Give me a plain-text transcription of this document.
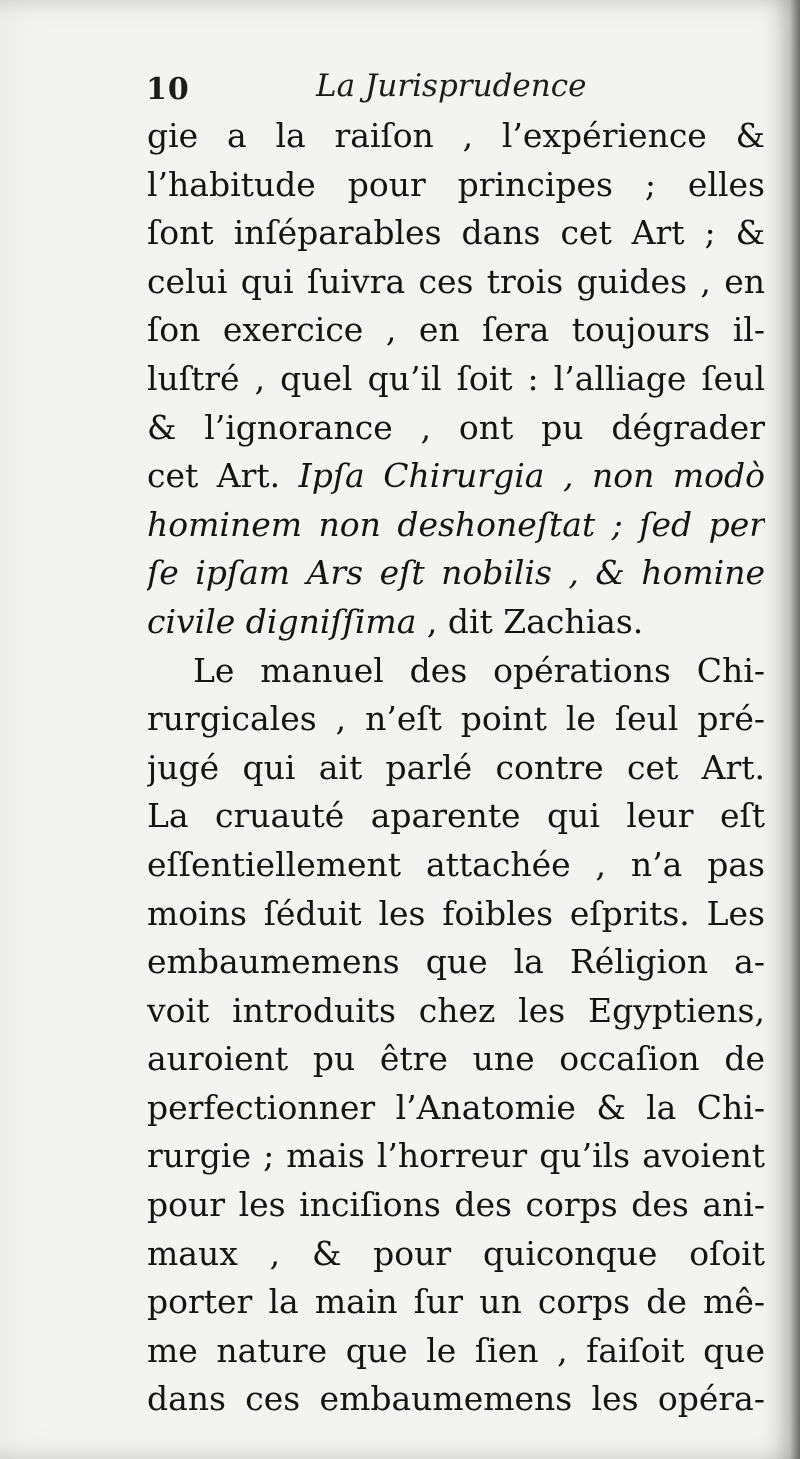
10	La Jurisprudence
gie a la raiſon , l’expérience &
l’habitude pour principes ; elles
ſont inſéparables dans cet Art ; &
celui qui ſuivra ces trois guides , en
ſon exercice , en ſera toujours il-
luſtré , quel qu’il ſoit : l’alliage ſeul
& l’ignorance , ont pu dégrader
cet Art. Ipſa Chirurgia , non modò
hominem non deshoneſtat ; ſed per
ſe ipſam Ars eſt nobilis , & homine
civile digniſſima , dit Zachias.
Le manuel des opérations Chi-
rurgicales , n’eſt point le ſeul pré-
jugé qui ait parlé contre cet Art.
La cruauté aparente qui leur eſt
eſſentiellement attachée , n’a pas
moins ſéduit les foibles eſprits. Les
embaumemens que la Réligion a-
voit introduits chez les Egyptiens,
auroient pu être une occaſion de
perfectionner l’Anatomie & la Chi-
rurgie ; mais l’horreur qu’ils avoient
pour les inciſions des corps des ani-
maux , & pour quiconque oſoit
porter la main ſur un corps de mê-
me nature que le ſien , faiſoit que
dans ces embaumemens les opéra-
